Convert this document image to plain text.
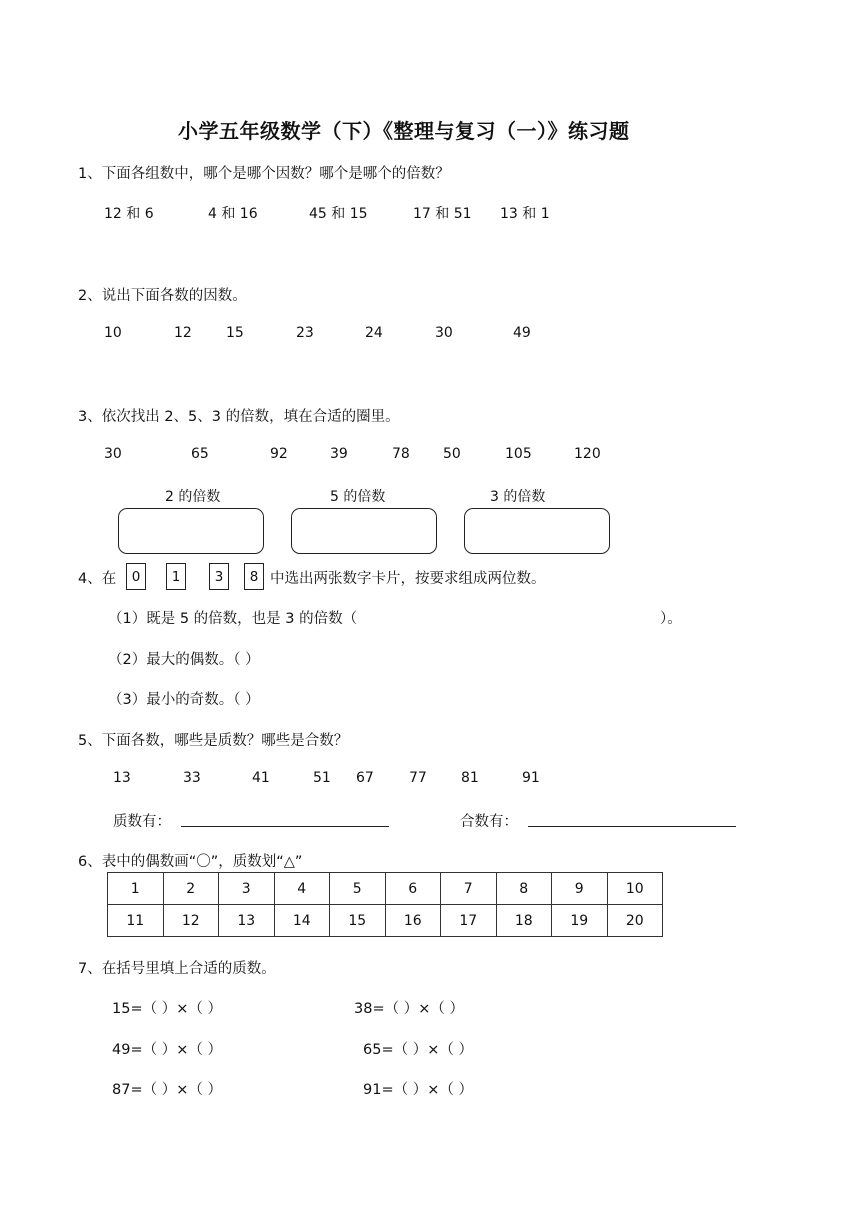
小学五年级数学（下）《整理与复习（一）》练习题
1、下面各组数中，哪个是哪个因数？哪个是哪个的倍数？
12 和 6	4 和 16	45 和 15	17 和 51 13 和 1
2、说出下面各数的因数。
10	12 15	23	24	30	49
3、依次找出 2、5、3 的倍数，填在合适的圈里。
30	65	92	39	78 50	105	120
2 的倍数	5 的倍数	3 的倍数
4、在	0	1	3	8 中选出两张数字卡片，按要求组成两位数。
（1）既是 5 的倍数，也是 3 的倍数（	）。
（2）最大的偶数。（ ）
（3）最小的奇数。（ ）
5、下面各数，哪些是质数？哪些是合数？
13	33	41	51 67	77 81	91
质数有：	合数有：
6、表中的偶数画“〇”，质数划“△”
1	2	3	4	5	6	7	8	9	10
11	12	13	14	15	16	17	18	19	20
7、在括号里填上合适的质数。
15=（ ）×（ ）	38=（ ）×（ ）
49=（ ）×（ ）	65=（ ）×（ ）
87=（ ）×（ ）	91=（ ）×（ ）
